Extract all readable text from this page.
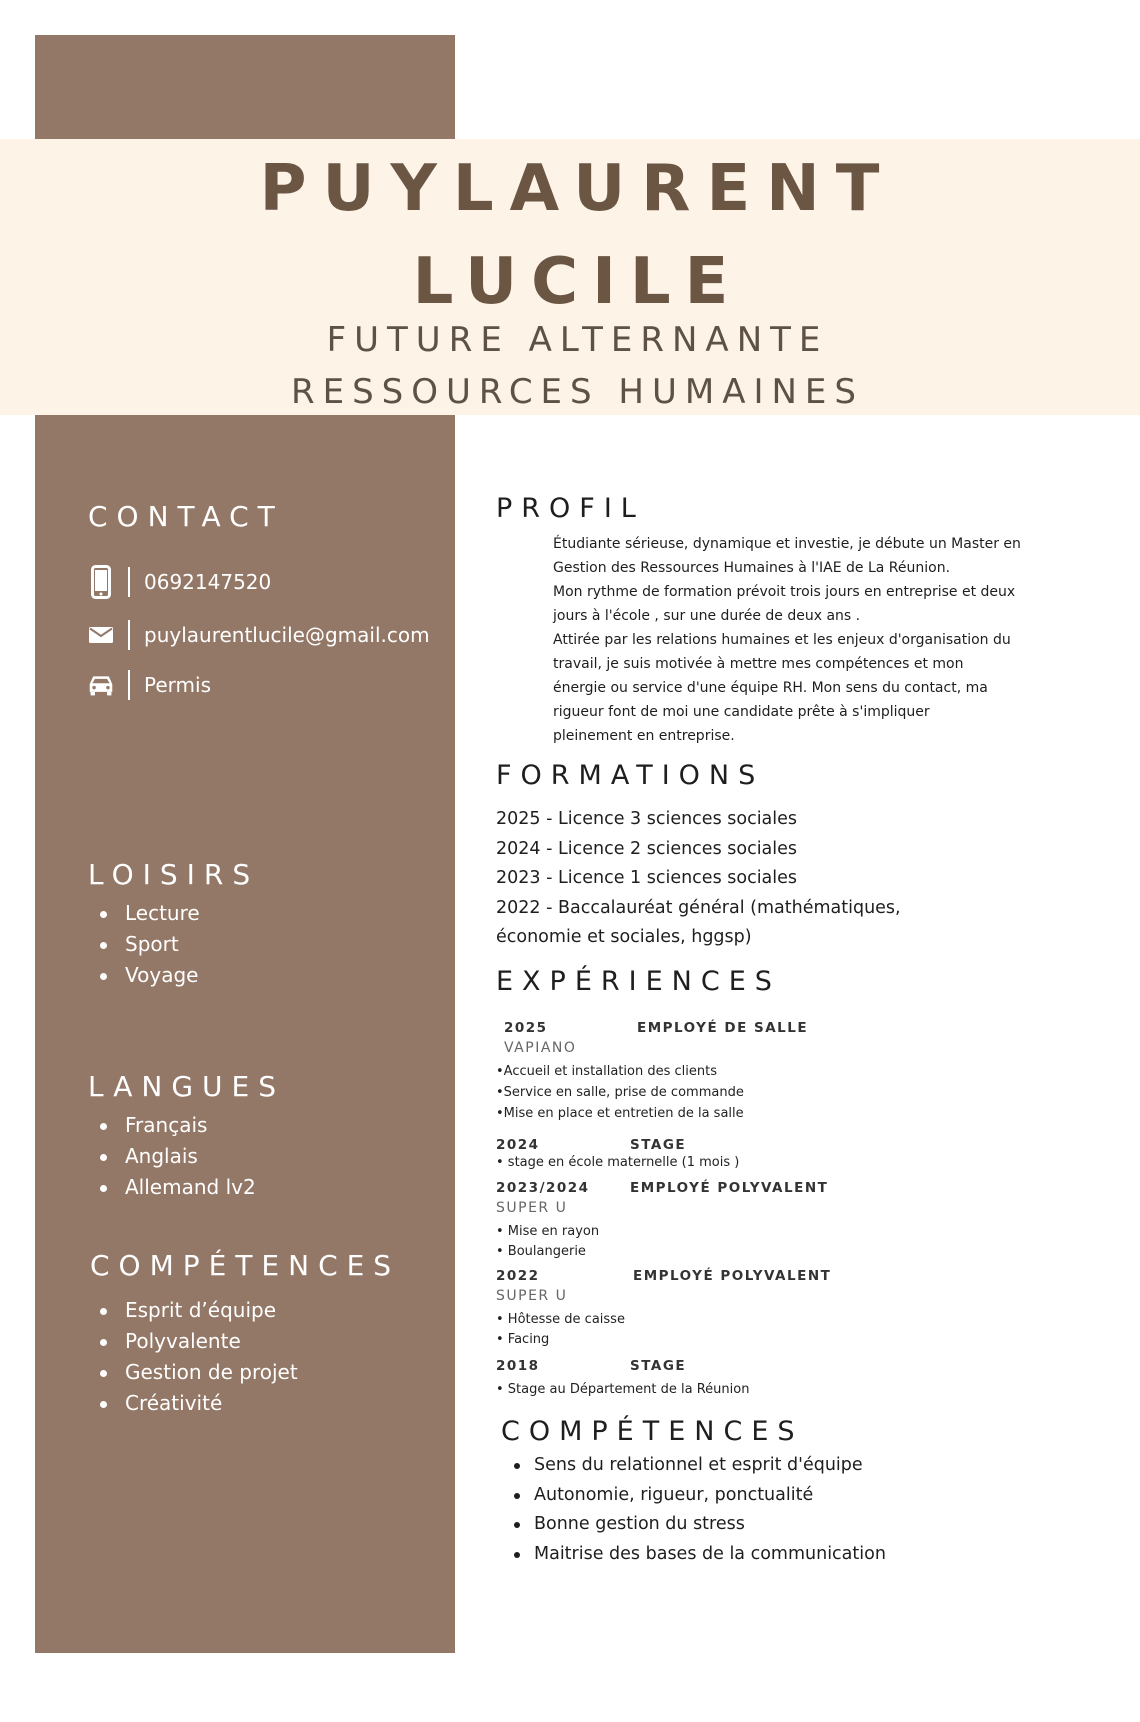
PUYLAURENT
LUCILE
FUTURE ALTERNANTE
RESSOURCES HUMAINES
CONTACT
0692147520
puylaurentlucile@gmail.com
Permis
LOISIRS
Lecture
Sport
Voyage
LANGUES
Français
Anglais
Allemand lv2
COMPÉTENCES
Esprit d’équipe
Polyvalente
Gestion de projet
Créativité
PROFIL
Étudiante sérieuse, dynamique et investie, je débute un Master en
Gestion des Ressources Humaines à l'IAE de La Réunion.
Mon rythme de formation prévoit trois jours en entreprise et deux
jours à l'école , sur une durée de deux ans .
Attirée par les relations humaines et les enjeux d'organisation du
travail, je suis motivée à mettre mes compétences et mon
énergie ou service d'une équipe RH. Mon sens du contact, ma
rigueur font de moi une candidate prête à s'impliquer
pleinement en entreprise.
FORMATIONS
2025 - Licence 3 sciences sociales
2024 - Licence 2 sciences sociales
2023 - Licence 1 sciences sociales
2022 - Baccalauréat général (mathématiques,
économie et sociales, hggsp)
EXPÉRIENCES
2025	EMPLOYÉ DE SALLE
VAPIANO
•Accueil et installation des clients
•Service en salle, prise de commande
•Mise en place et entretien de la salle
2024	STAGE
• stage en école maternelle (1 mois )
2023/2024	EMPLOYÉ POLYVALENT
SUPER U
• Mise en rayon
• Boulangerie
2022	EMPLOYÉ POLYVALENT
SUPER U
• Hôtesse de caisse
• Facing
2018	STAGE
• Stage au Département de la Réunion
COMPÉTENCES
Sens du relationnel et esprit d'équipe
Autonomie, rigueur, ponctualité
Bonne gestion du stress
Maitrise des bases de la communication
